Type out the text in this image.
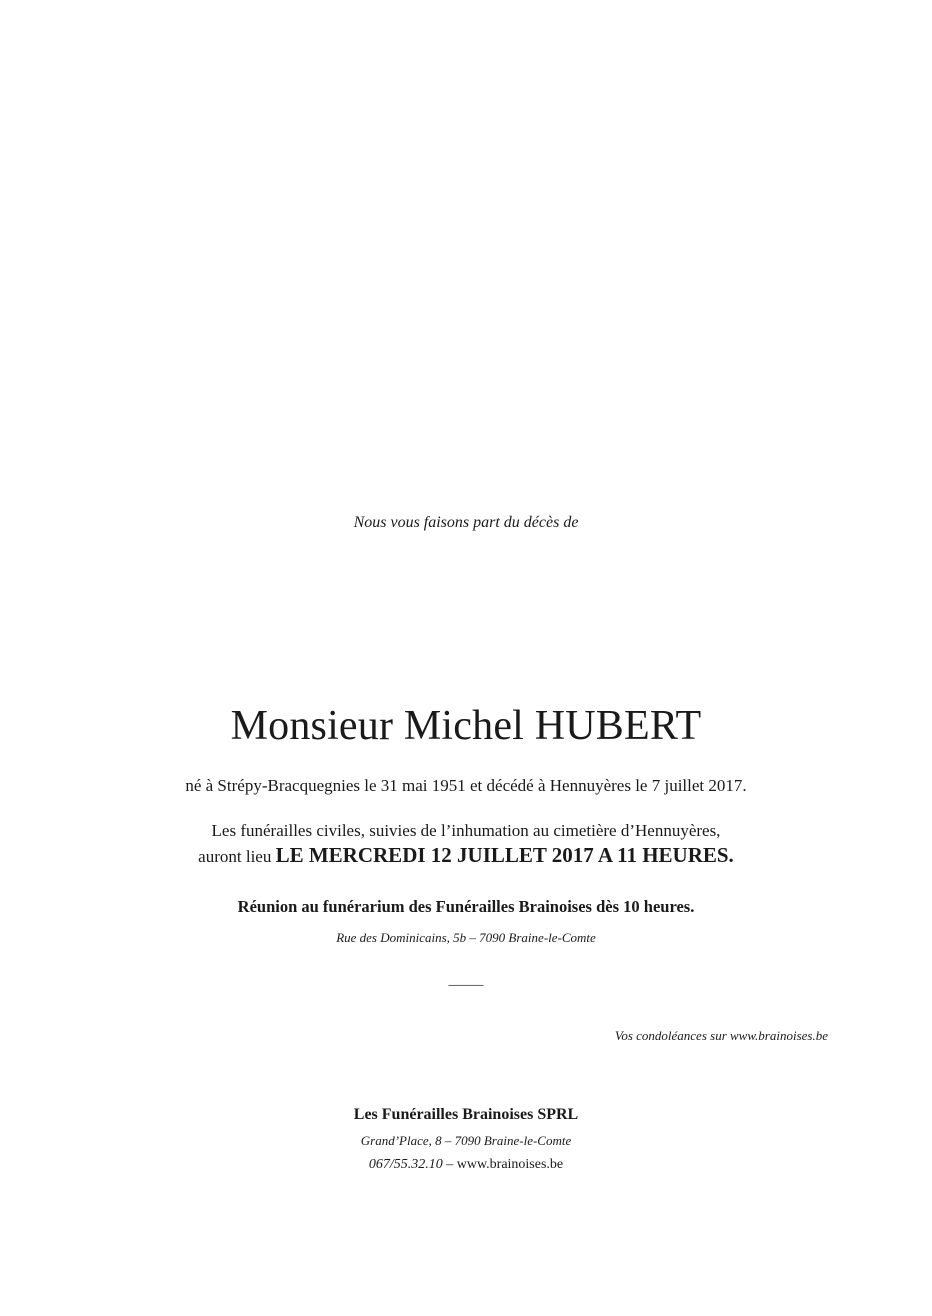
Nous vous faisons part du décès de
Monsieur Michel HUBERT
né à Strépy-Bracquegnies le 31 mai 1951 et décédé à Hennuyères le 7 juillet 2017.
Les funérailles civiles, suivies de l’inhumation au cimetière d’Hennuyères,
auront lieu LE MERCREDI 12 JUILLET 2017 A 11 HEURES.
Réunion au funérarium des Funérailles Brainoises dès 10 heures.
Rue des Dominicains, 5b – 7090 Braine-le-Comte
_____
Vos condoléances sur www.brainoises.be
Les Funérailles Brainoises SPRL
Grand’Place, 8 – 7090 Braine-le-Comte
067/55.32.10 – www.brainoises.be
